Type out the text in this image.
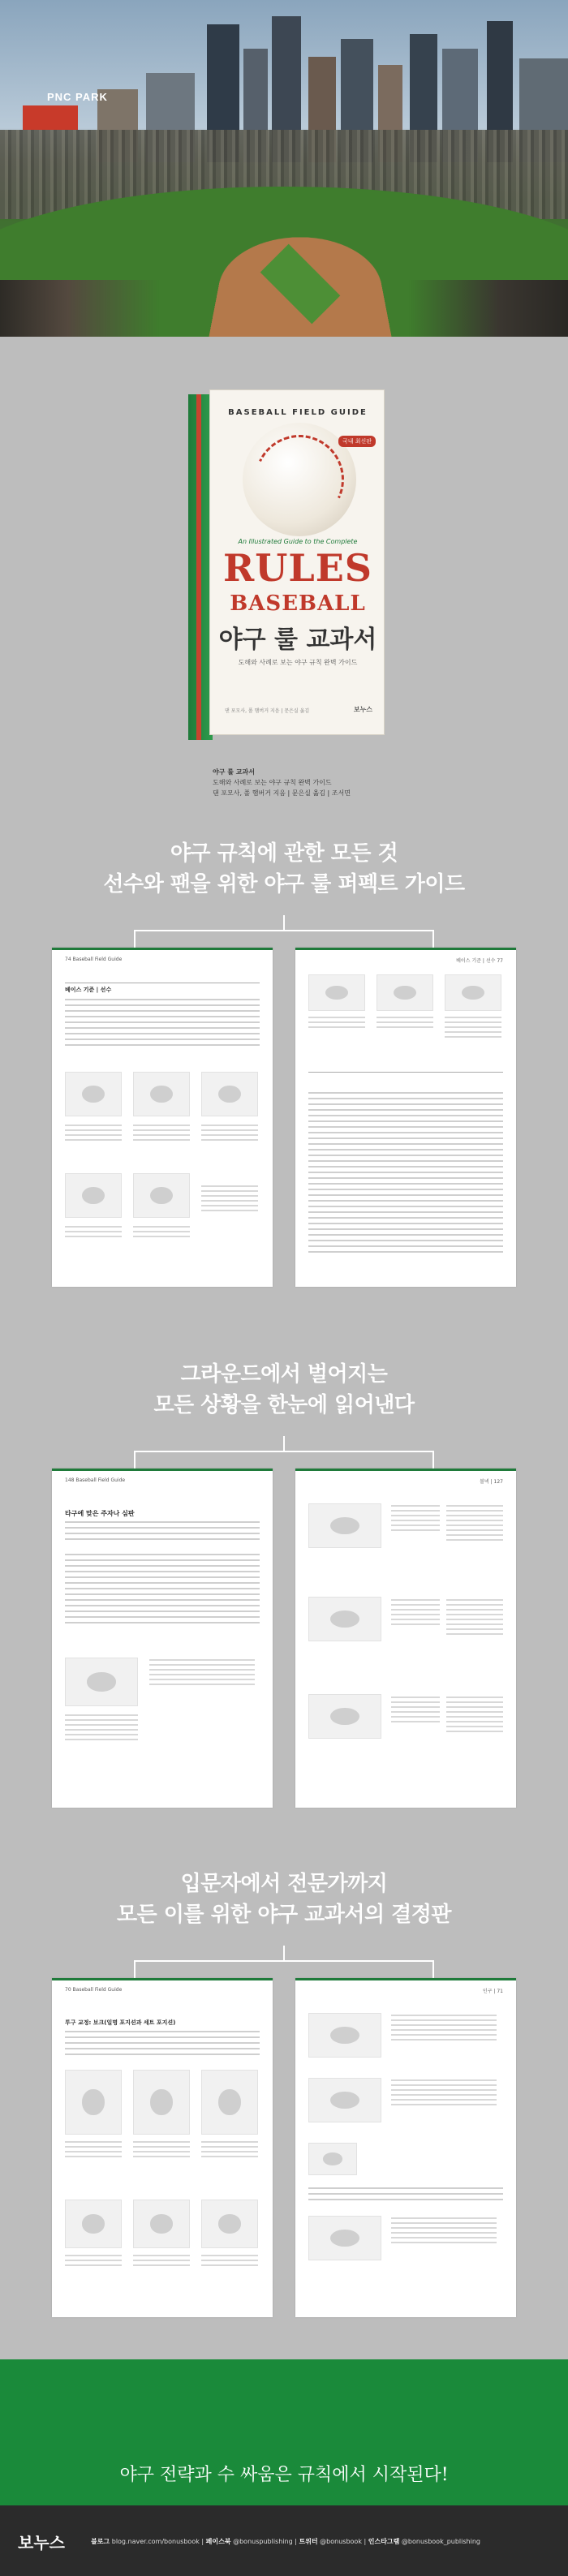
PNC PARK
BASEBALL FIELD GUIDE
국내 최신판
An Illustrated Guide to the Complete
RULES
BASEBALL
야구 룰 교과서
도해와 사례로 보는 야구 규칙 완벽 가이드
댄 포모사, 폴 햄버거 지음 | 문은실 옮김	보누스
야구 룰 교과서
도해와 사례로 보는 야구 규칙 완벽 가이드
댄 포모사, 폴 햄버거 지음 | 문은실 옮김 | 조서면
야구 규칙에 관한 모든 것
선수와 팬을 위한 야구 룰 퍼펙트 가이드
74 Baseball Field Guide
베이스 기준 | 선수
베이스 기준 | 선수 77
그라운드에서 벌어지는
모든 상황을 한눈에 읽어낸다
148 Baseball Field Guide
타구에 맞은 주자나 심판
볼넥 | 127
입문자에서 전문가까지
모든 이를 위한 야구 교과서의 결정판
70 Baseball Field Guide
투구 교정: 보크(일명 포지션과 세트 포지션)
인구 | 71

야구 전략과 수 싸움은 규칙에서 시작된다!

보누스	블로그 blog.naver.com/bonusbook | 페이스북 @bonuspublishing | 트위터 @bonusbook | 인스타그램 @bonusbook_publishing
